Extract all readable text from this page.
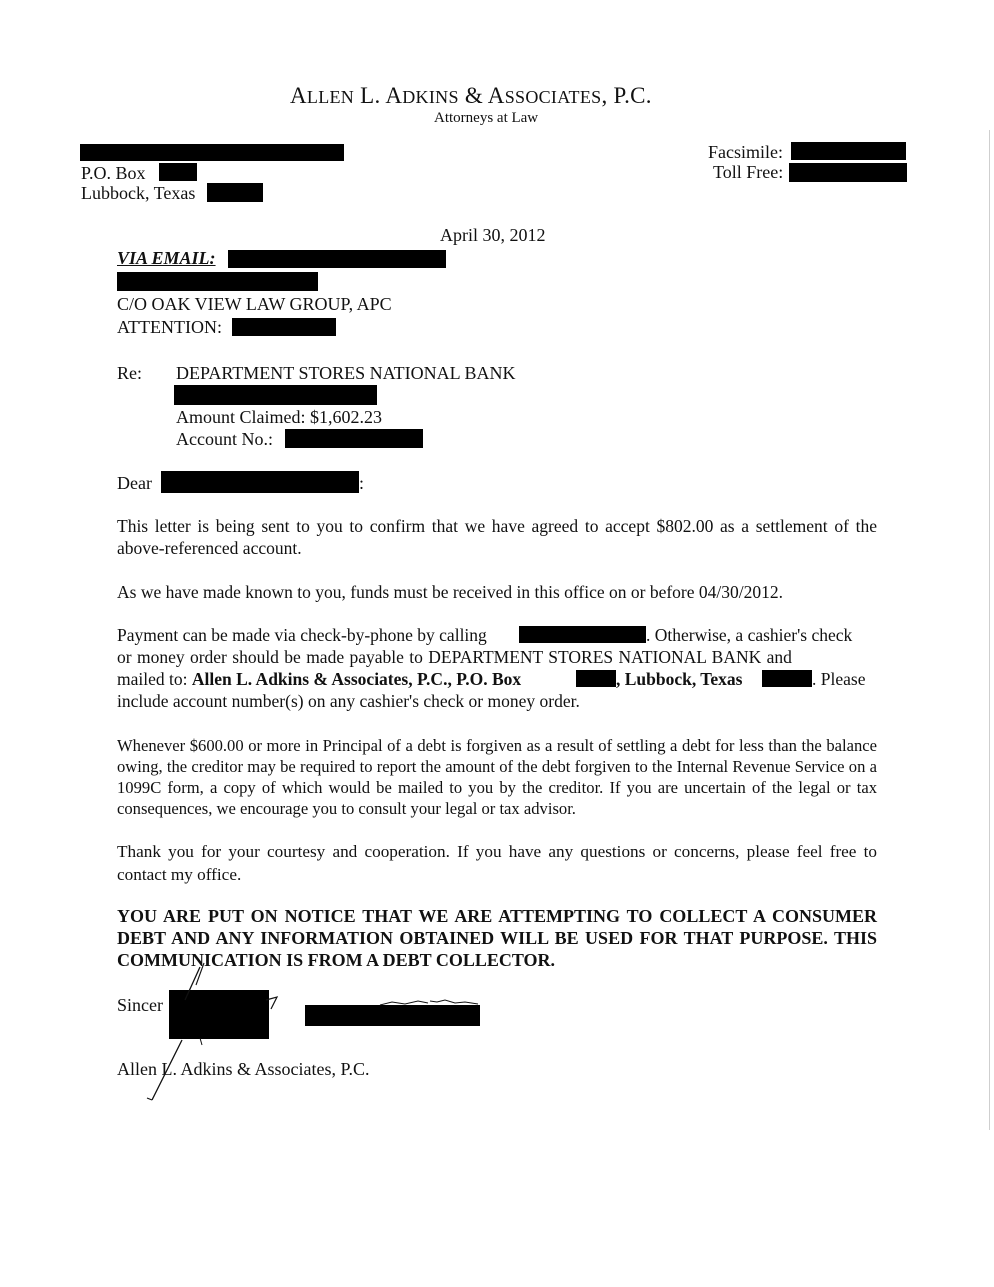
ALLEN L. ADKINS & ASSOCIATES, P.C.
Attorneys at Law
P.O. Box
Lubbock, Texas
Facsimile:
Toll Free:
April 30, 2012
VIA EMAIL:
C/O OAK VIEW LAW GROUP, APC
ATTENTION:
Re: DEPARTMENT STORES NATIONAL BANK
Amount Claimed: $1,602.23
Account No.:
Dear	:
This letter is being sent to you to confirm that we have agreed to accept $802.00 as a settlement of the above-referenced account.
As we have made known to you, funds must be received in this office on or before 04/30/2012.
Payment can be made via check-by-phone by calling	. Otherwise, a cashier's check
or money order should be made payable to DEPARTMENT STORES NATIONAL BANK and
mailed to: Allen L. Adkins & Associates, P.C., P.O. Box	, Lubbock, Texas	. Please
include account number(s) on any cashier's check or money order.
Whenever $600.00 or more in Principal of a debt is forgiven as a result of settling a debt for less than the balance owing, the creditor may be required to report the amount of the debt forgiven to the Internal Revenue Service on a 1099C form, a copy of which would be mailed to you by the creditor. If you are uncertain of the legal or tax consequences, we encourage you to consult your legal or tax advisor.
Thank you for your courtesy and cooperation. If you have any questions or concerns, please feel free to contact my office.
YOU ARE PUT ON NOTICE THAT WE ARE ATTEMPTING TO COLLECT A CONSUMER DEBT AND ANY INFORMATION OBTAINED WILL BE USED FOR THAT PURPOSE. THIS COMMUNICATION IS FROM A DEBT COLLECTOR.
Sincer
Allen L. Adkins & Associates, P.C.
